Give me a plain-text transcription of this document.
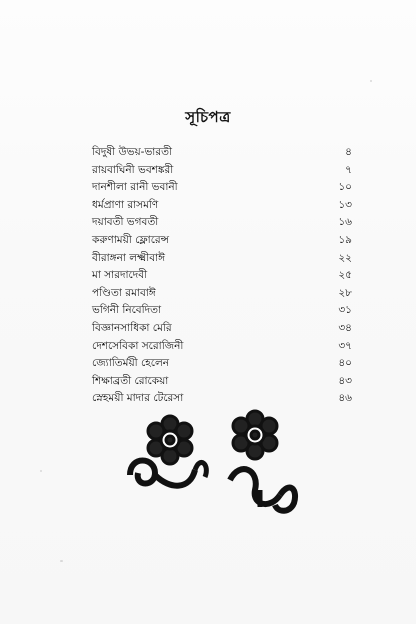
সূচিপত্র
বিদুষী উভয়-ভারতী	৪
রায়বাঘিনী ভবশঙ্করী	৭
দানশীলা রানী ভবানী	১০
ধর্মপ্রাণা রাসমণি	১৩
দয়াবতী ভগবতী	১৬
করুণাময়ী ফ্লোরেন্স	১৯
বীরাঙ্গনা লক্ষ্মীবাঈ	২২
মা সারদাদেবী	২৫
পণ্ডিতা রমাবাঈ	২৮
ভগিনী নিবেদিতা	৩১
বিজ্ঞানসাধিকা মেরি	৩৪
দেশসেবিকা সরোজিনী	৩৭
জ্যোতির্ময়ী হেলেন	৪০
শিক্ষাব্রতী রোকেয়া	৪৩
স্নেহময়ী মাদার টেরেসা	৪৬
